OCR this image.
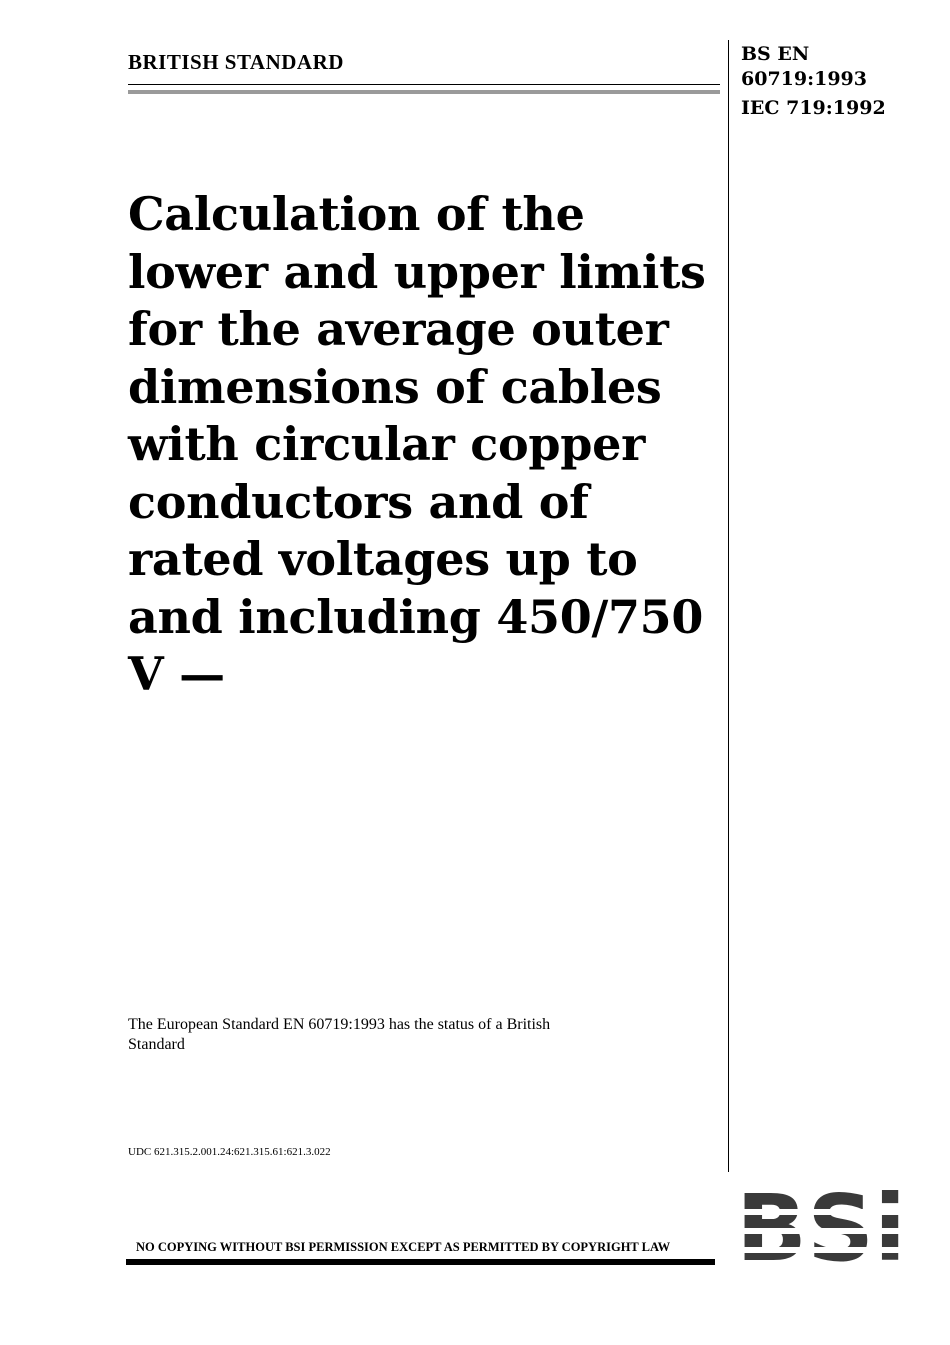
BRITISH STANDARD	BS EN
60719:1993
IEC 719:1992
Calculation of the lower and upper limits for the average outer dimensions of cables with circular copper conductors and of rated voltages up to and including 450/750 V —
The European Standard EN 60719:1993 has the status of a British Standard
UDC 621.315.2.001.24:621.315.61:621.3.022
NO COPYING WITHOUT BSI PERMISSION EXCEPT AS PERMITTED BY COPYRIGHT LAW
